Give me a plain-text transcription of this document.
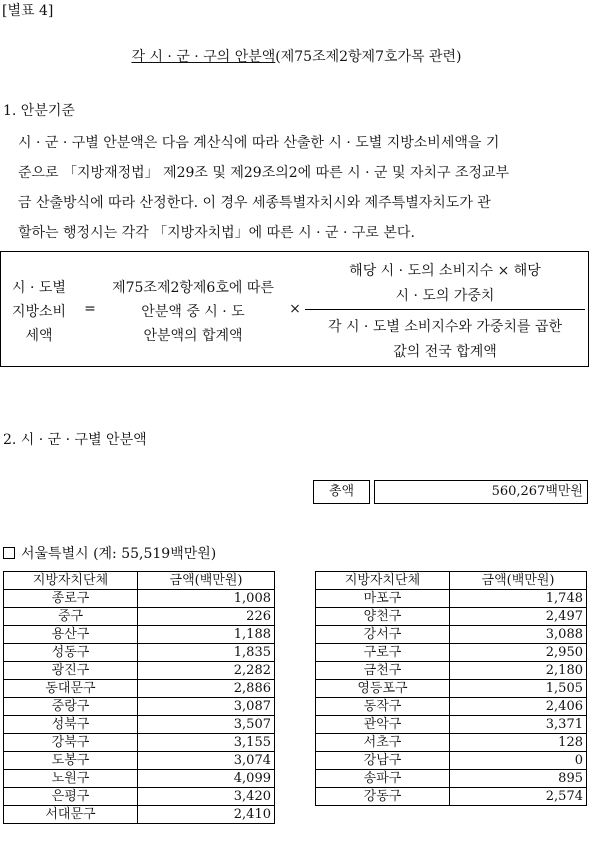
[별표 4]
각 시 · 군 · 구의 안분액(제75조제2항제7호가목 관련)
1. 안분기준
시 · 군 · 구별 안분액은 다음 계산식에 따라 산출한 시 · 도별 지방소비세액을 기
준으로 「지방재정법」 제29조 및 제29조의2에 따른 시 · 군 및 자치구 조정교부
금 산출방식에 따라 산정한다. 이 경우 세종특별자치시와 제주특별자치도가 관
할하는 행정시는 각각 「지방자치법」에 따른 시 · 군 · 구로 본다.
시 · 도별
지방소비
세액
=
제75조제2항제6호에 따른
안분액 중 시 · 도
안분액의 합계액
×
해당 시 · 도의 소비지수 × 해당
시 · 도의 가중치
각 시 · 도별 소비지수와 가중치를 곱한
값의 전국 합계액
2. 시 · 군 · 구별 안분액
총액	560,267백만원
서울특별시 (계: 55,519백만원)
지방자치단체	금액(백만원)
종로구	1,008
중구	226
용산구	1,188
성동구	1,835
광진구	2,282
동대문구	2,886
중랑구	3,087
성북구	3,507
강북구	3,155
도봉구	3,074
노원구	4,099
은평구	3,420
서대문구	2,410
지방자치단체	금액(백만원)
마포구	1,748
양천구	2,497
강서구	3,088
구로구	2,950
금천구	2,180
영등포구	1,505
동작구	2,406
관악구	3,371
서초구	128
강남구	0
송파구	895
강동구	2,574
